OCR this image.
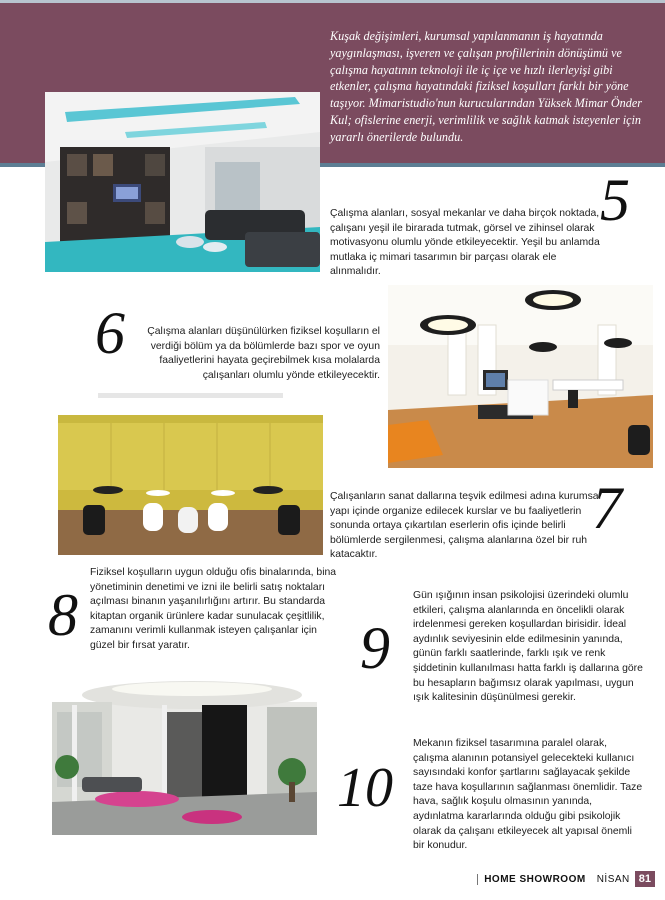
Kuşak değişimleri, kurumsal yapılanmanın iş hayatında yaygınlaşması, işveren ve çalışan profillerinin dönüşümü ve çalışma hayatının teknoloji ile iç içe ve hızlı ilerleyişi gibi etkenler, çalışma hayatındaki fiziksel koşulları farklı bir yöne taşıyor. Mimaristudio'nun kurucularından Yüksek Mimar Önder Kul; ofislerine enerji, verimlilik ve sağlık katmak isteyenler için yararlı önerilerde bulundu.

5

Çalışma alanları, sosyal mekanlar ve daha birçok noktada, çalışanı yeşil ile birarada tutmak, görsel ve zihinsel olarak motivasyonu olumlu yönde etkileyecektir. Yeşil bu anlamda mutlaka iç mimari tasarımın bir parçası olarak ele alınmalıdır.

6	Çalışma alanları düşünülürken fiziksel koşulların el verdiği bölüm ya da bölümlerde bazı spor ve oyun faaliyetlerini hayata geçirebilmek kısa molalarda çalışanları olumlu yönde etkileyecektir.

7

Çalışanların sanat dallarına teşvik edilmesi adına kurumsal yapı içinde organize edilecek kurslar ve bu faaliyetlerin sonunda ortaya çıkartılan eserlerin ofis içinde belirli bölümlerde sergilenmesi, çalışma alanlarına özel bir ruh katacaktır.

8

Fiziksel koşulların uygun olduğu ofis binalarında, bina yönetiminin denetimi ve izni ile belirli satış noktaları açılması binanın yaşanılırlığını artırır. Bu standarda kitaptan organik ürünlere kadar sunulacak çeşitlilik, zamanını verimli kullanmak isteyen çalışanlar için güzel bir fırsat yaratır.	9

Gün ışığının insan psikolojisi üzerindeki olumlu etkileri, çalışma alanlarında en öncelikli olarak irdelenmesi gereken koşullardan birisidir. İdeal aydınlık seviyesinin elde edilmesinin yanında, günün farklı saatlerinde, farklı ışık ve renk şiddetinin kullanılması hatta farklı iş dallarına göre bu hesapların bağımsız olarak yapılması, uygun ışık kalitesinin düşünülmesi gerekir.

10

Mekanın fiziksel tasarımına paralel olarak, çalışma alanının potansiyel gelecekteki kullanıcı sayısındaki konfor şartlarını sağlayacak şekilde taze hava koşullarının sağlanması önemlidir. Taze hava, sağlık koşulu olmasının yanında, aydınlatma kararlarında olduğu gibi psikolojik olarak da çalışanı etkileyecek alt yapısal önemli bir konudur.

HOME SHOWROOM	NİSAN 81
